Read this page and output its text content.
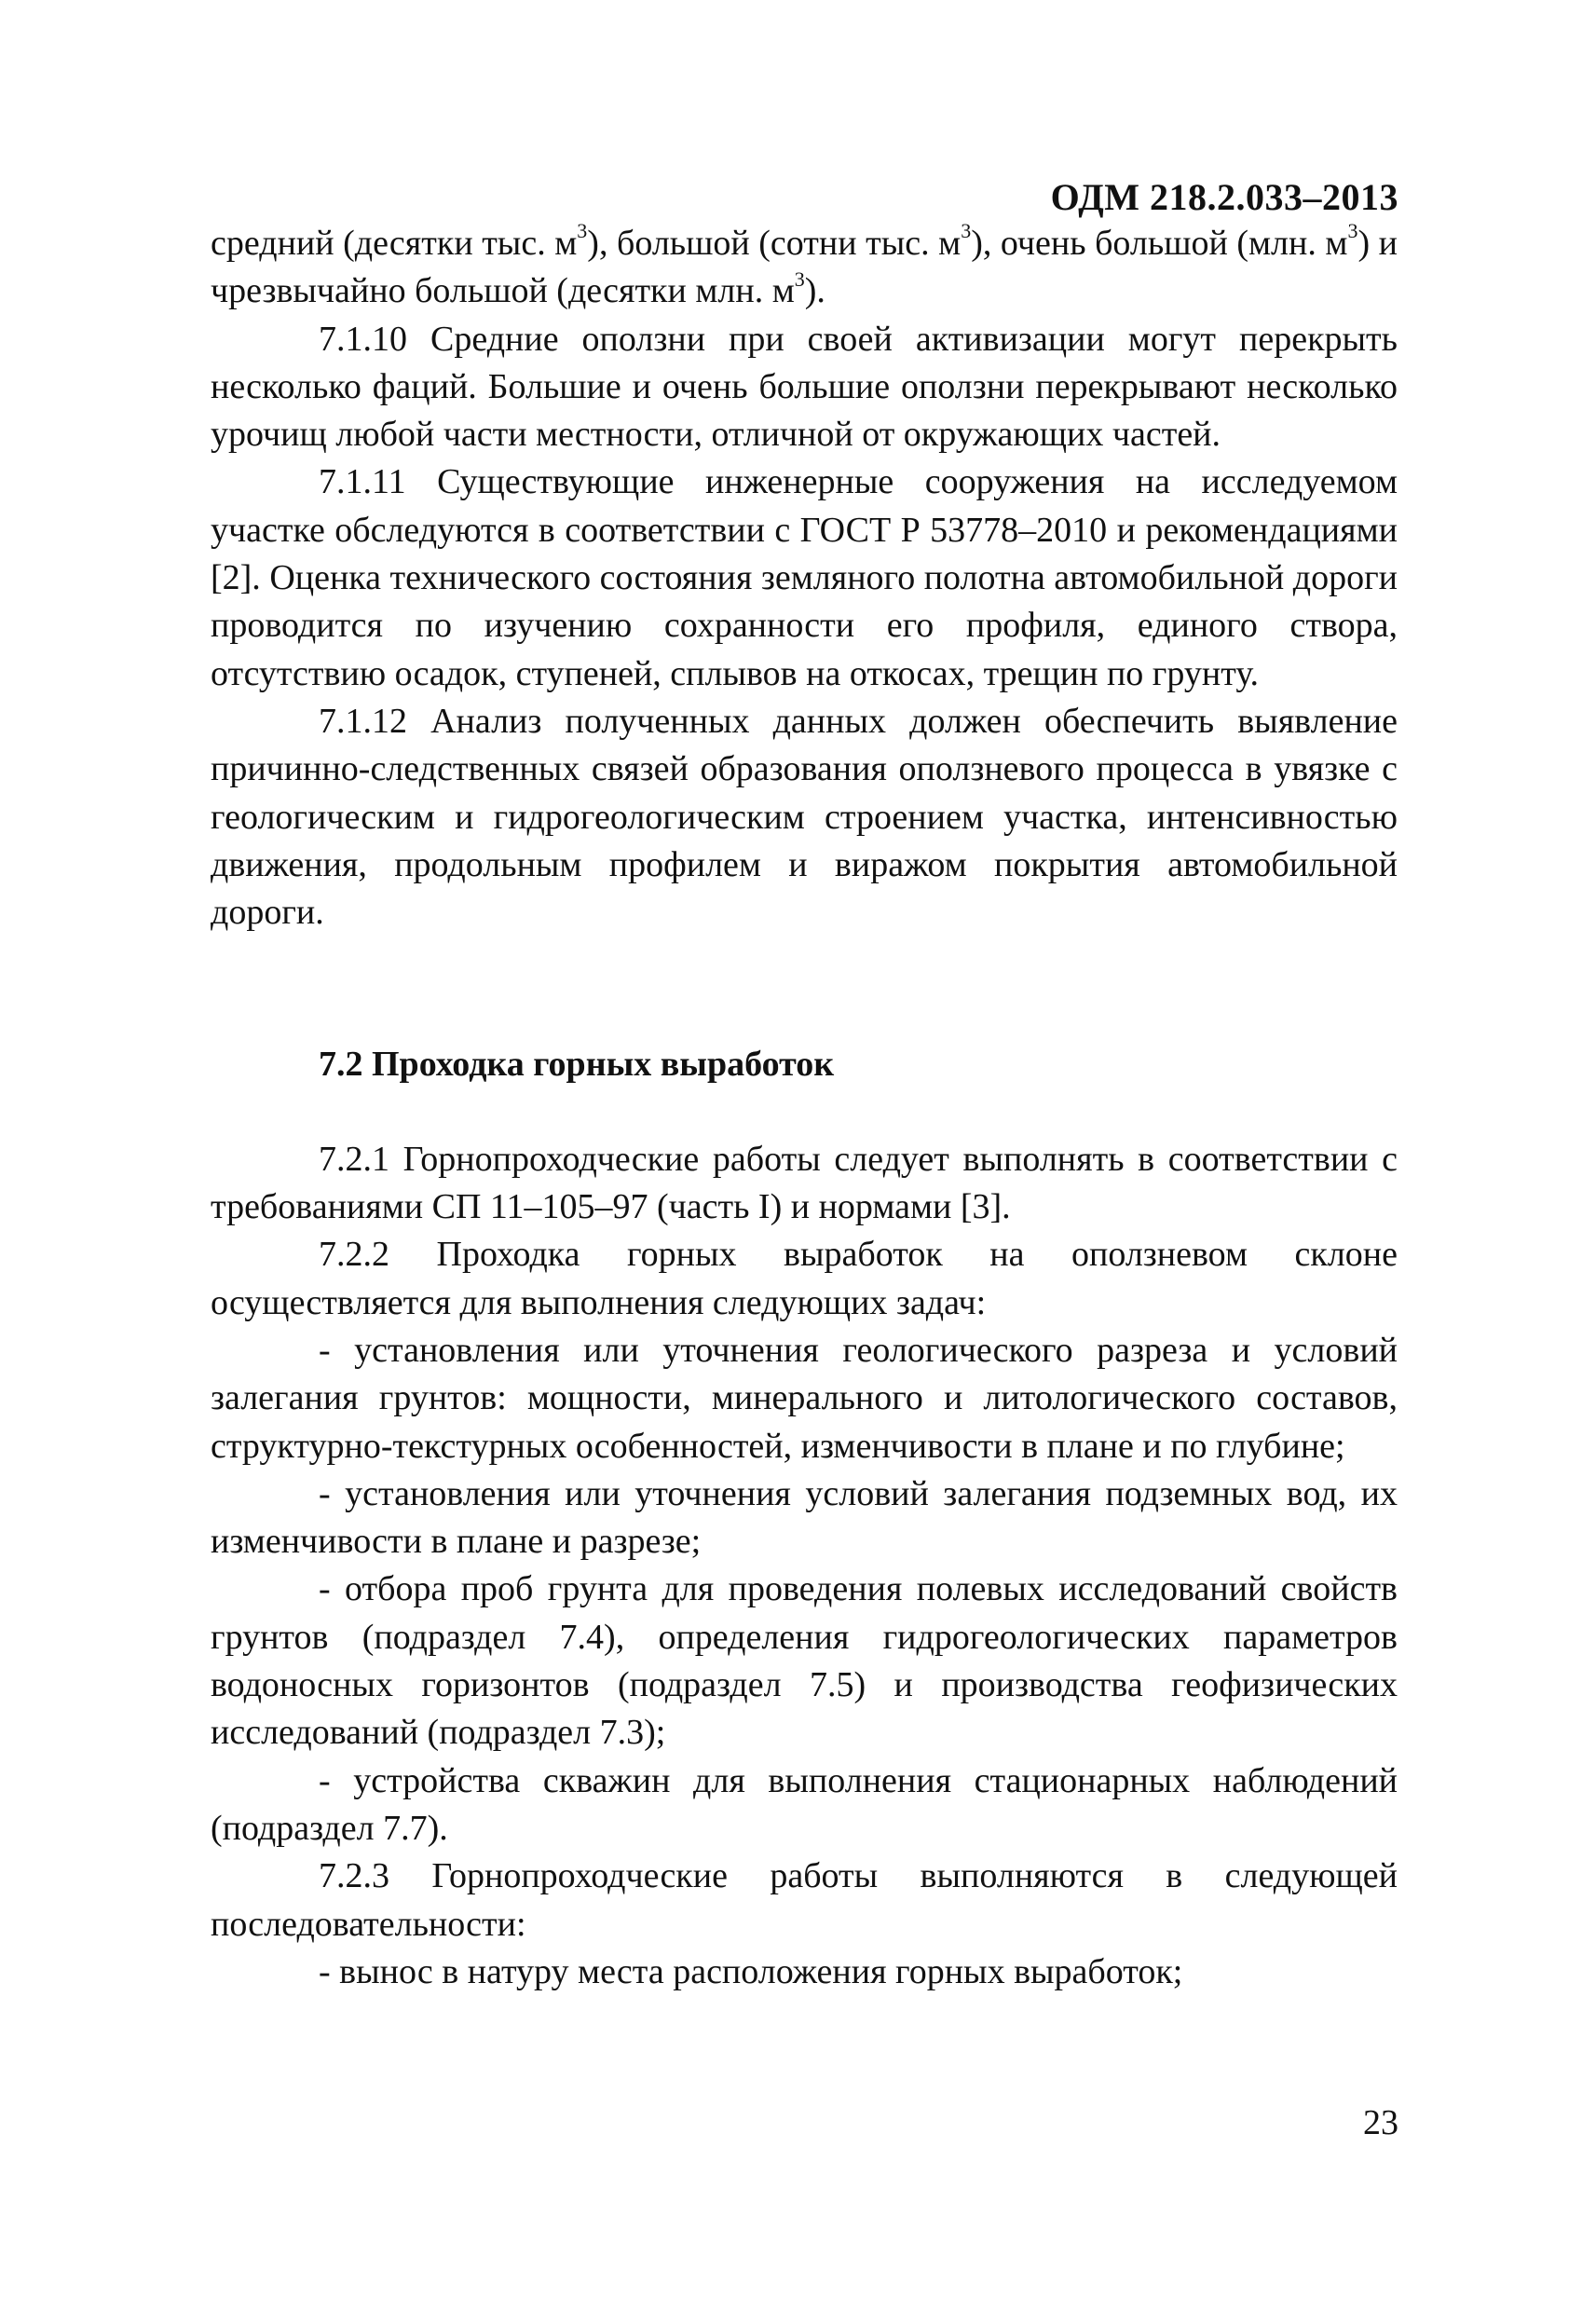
ОДМ 218.2.033–2013

средний (десятки тыс. $м^3$), большой (сотни тыс. $м^3$), очень большой (млн. $м^3$) и чрезвычайно большой (десятки млн. $м^3$).

7.1.10 Средние оползни при своей активизации могут перекрыть несколько фаций. Большие и очень большие оползни перекрывают несколько урочищ любой части местности, отличной от окружающих частей.

7.1.11 Существующие инженерные сооружения на исследуемом участке обследуются в соответствии с ГОСТ Р 53778–2010 и рекомендациями [2]. Оценка технического состояния земляного полотна автомобильной дороги проводится по изучению сохранности его профиля, единого створа, отсутствию осадок, ступеней, сплывов на откосах, трещин по грунту.

7.1.12 Анализ полученных данных должен обеспечить выявление причинно-следственных связей образования оползневого процесса в увязке с геологическим и гидрогеологическим строением участка, интенсивностью движения, продольным профилем и виражом покрытия автомобильной дороги.

7.2 Проходка горных выработок

7.2.1 Горнопроходческие работы следует выполнять в соответствии с требованиями СП 11–105–97 (часть I) и нормами [3].

7.2.2 Проходка горных выработок на оползневом склоне осуществляется для выполнения следующих задач:

- установления или уточнения геологического разреза и условий залегания грунтов: мощности, минерального и литологического составов, структурно-текстурных особенностей, изменчивости в плане и по глубине;

- установления или уточнения условий залегания подземных вод, их изменчивости в плане и разрезе;

- отбора проб грунта для проведения полевых исследований свойств грунтов (подраздел 7.4), определения гидрогеологических параметров водоносных горизонтов (подраздел 7.5) и производства геофизических исследований (подраздел 7.3);

- устройства скважин для выполнения стационарных наблюдений (подраздел 7.7).

7.2.3 Горнопроходческие работы выполняются в следующей последовательности:

- вынос в натуру места расположения горных выработок;

23
